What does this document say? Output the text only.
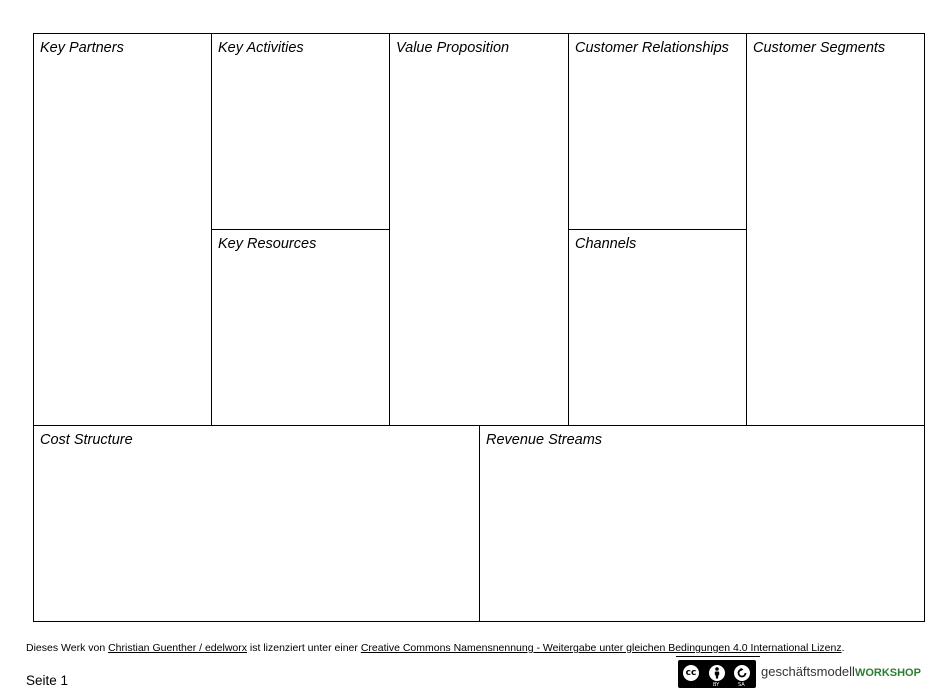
Key Partners	Key Activities
Key Resources
Value Proposition	Customer Relationships
Channels
Customer Segments
Cost Structure	Revenue Streams
Dieses Werk von Christian Guenther / edelworx ist lizenziert unter einer Creative Commons Namensnennung - Weitergabe unter gleichen Bedingungen 4.0 International Lizenz.
Seite 1	cc
BY	SA
geschäftsmodellWORKSHOP
